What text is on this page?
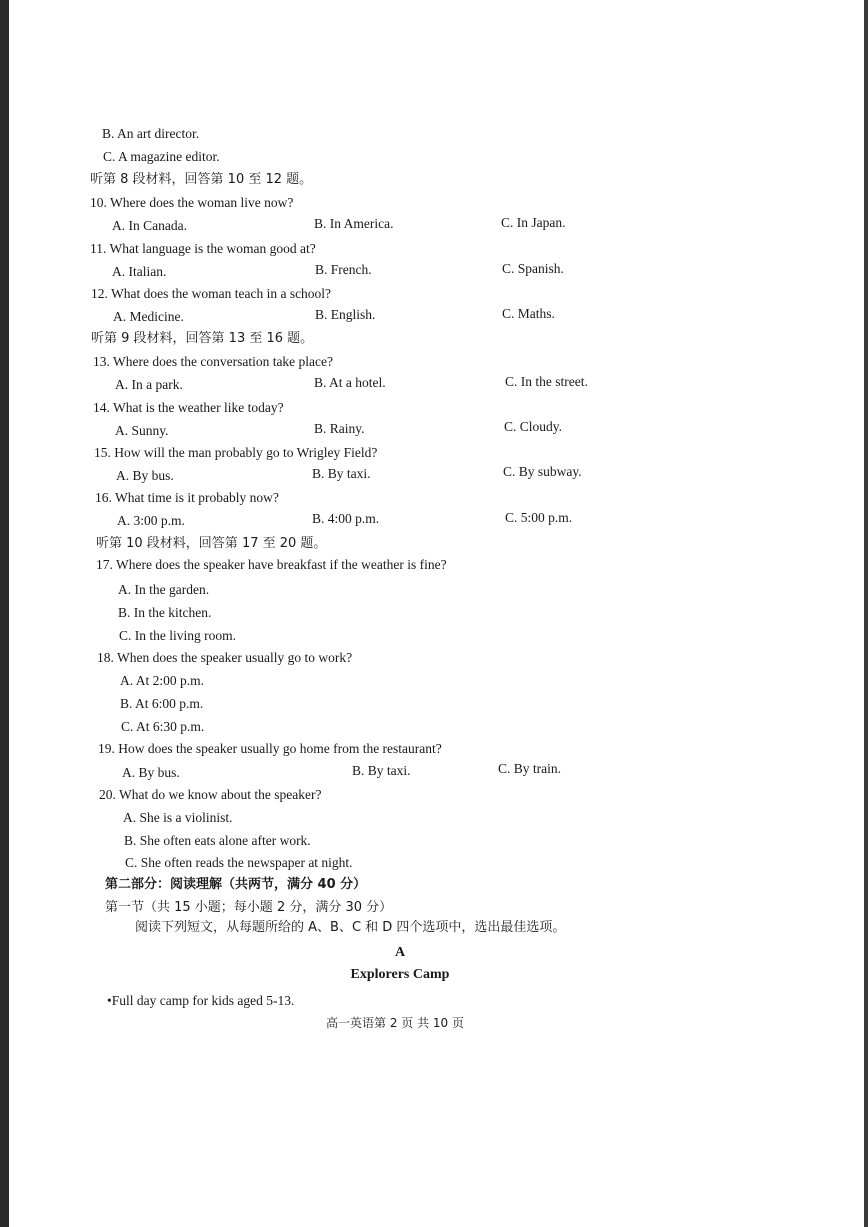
B. An art director.
C. A magazine editor.
听第 8 段材料，回答第 10 至 12 题。
10. Where does the woman live now?
A. In Canada.	B. In America.	C. In Japan.
11. What language is the woman good at?
A. Italian.	B. French.	C. Spanish.
12. What does the woman teach in a school?
A. Medicine.	B. English.	C. Maths.
听第 9 段材料，回答第 13 至 16 题。
13. Where does the conversation take place?
A. In a park.	B. At a hotel.	C. In the street.
14. What is the weather like today?
A. Sunny.	B. Rainy.	C. Cloudy.
15. How will the man probably go to Wrigley Field?
A. By bus.	B. By taxi.	C. By subway.
16. What time is it probably now?
A. 3:00 p.m.	B. 4:00 p.m.	C. 5:00 p.m.
听第 10 段材料，回答第 17 至 20 题。
17. Where does the speaker have breakfast if the weather is fine?
A. In the garden.
B. In the kitchen.
C. In the living room.
18. When does the speaker usually go to work?
A. At 2:00 p.m.
B. At 6:00 p.m.
C. At 6:30 p.m.
19. How does the speaker usually go home from the restaurant?
A. By bus.	B. By taxi.	C. By train.
20. What do we know about the speaker?
A. She is a violinist.
B. She often eats alone after work.
C. She often reads the newspaper at night.
第二部分：阅读理解（共两节，满分 40 分）
第一节（共 15 小题；每小题 2 分，满分 30 分）
阅读下列短文，从每题所给的 A、B、C 和 D 四个选项中，选出最佳选项。
A
Explorers Camp
•Full day camp for kids aged 5-13.
高一英语第 2 页 共 10 页
